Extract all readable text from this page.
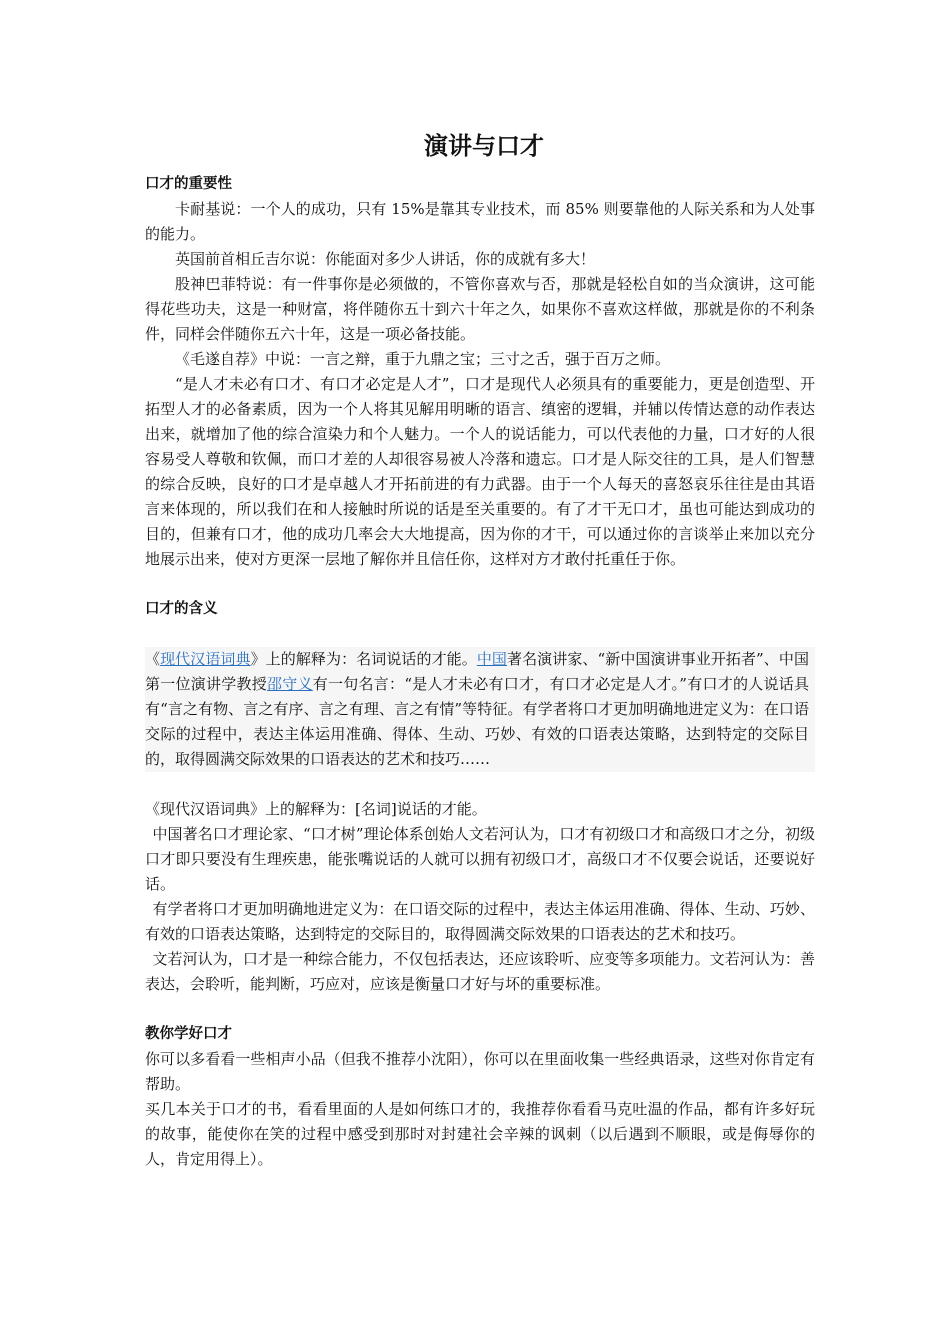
演讲与口才

口才的重要性

卡耐基说：一个人的成功，只有 15%是靠其专业技术，而 85% 则要靠他的人际关系和为人处事的能力。

英国前首相丘吉尔说：你能面对多少人讲话，你的成就有多大！

股神巴菲特说：有一件事你是必须做的，不管你喜欢与否，那就是轻松自如的当众演讲，这可能得花些功夫，这是一种财富，将伴随你五十到六十年之久，如果你不喜欢这样做，那就是你的不利条件，同样会伴随你五六十年，这是一项必备技能。

《毛遂自荐》中说：一言之辩，重于九鼎之宝；三寸之舌，强于百万之师。

“是人才未必有口才、有口才必定是人才”，口才是现代人必须具有的重要能力，更是创造型、开拓型人才的必备素质，因为一个人将其见解用明晰的语言、缜密的逻辑，并辅以传情达意的动作表达出来，就增加了他的综合渲染力和个人魅力。一个人的说话能力，可以代表他的力量，口才好的人很容易受人尊敬和钦佩，而口才差的人却很容易被人冷落和遗忘。口才是人际交往的工具，是人们智慧的综合反映，良好的口才是卓越人才开拓前进的有力武器。由于一个人每天的喜怒哀乐往往是由其语言来体现的，所以我们在和人接触时所说的话是至关重要的。有了才干无口才，虽也可能达到成功的目的，但兼有口才，他的成功几率会大大地提高，因为你的才干，可以通过你的言谈举止来加以充分地展示出来，使对方更深一层地了解你并且信任你，这样对方才敢付托重任于你。

口才的含义

《现代汉语词典》上的解释为：名词说话的才能。中国著名演讲家、“新中国演讲事业开拓者”、中国第一位演讲学教授邵守义有一句名言：“是人才未必有口才，有口才必定是人才。”有口才的人说话具有“言之有物、言之有序、言之有理、言之有情”等特征。有学者将口才更加明确地进定义为：在口语交际的过程中，表达主体运用准确、得体、生动、巧妙、有效的口语表达策略，达到特定的交际目的，取得圆满交际效果的口语表达的艺术和技巧……

《现代汉语词典》上的解释为：[名词]说话的才能。

中国著名口才理论家、“口才树”理论体系创始人文若河认为，口才有初级口才和高级口才之分，初级口才即只要没有生理疾患，能张嘴说话的人就可以拥有初级口才，高级口才不仅要会说话，还要说好话。

有学者将口才更加明确地进定义为：在口语交际的过程中，表达主体运用准确、得体、生动、巧妙、有效的口语表达策略，达到特定的交际目的，取得圆满交际效果的口语表达的艺术和技巧。

文若河认为，口才是一种综合能力，不仅包括表达，还应该聆听、应变等多项能力。文若河认为：善表达，会聆听，能判断，巧应对，应该是衡量口才好与坏的重要标准。

教你学好口才

你可以多看看一些相声小品（但我不推荐小沈阳），你可以在里面收集一些经典语录，这些对你肯定有帮助。

买几本关于口才的书，看看里面的人是如何练口才的，我推荐你看看马克吐温的作品，都有许多好玩的故事，能使你在笑的过程中感受到那时对封建社会辛辣的讽刺（以后遇到不顺眼，或是侮辱你的人，肯定用得上）。
